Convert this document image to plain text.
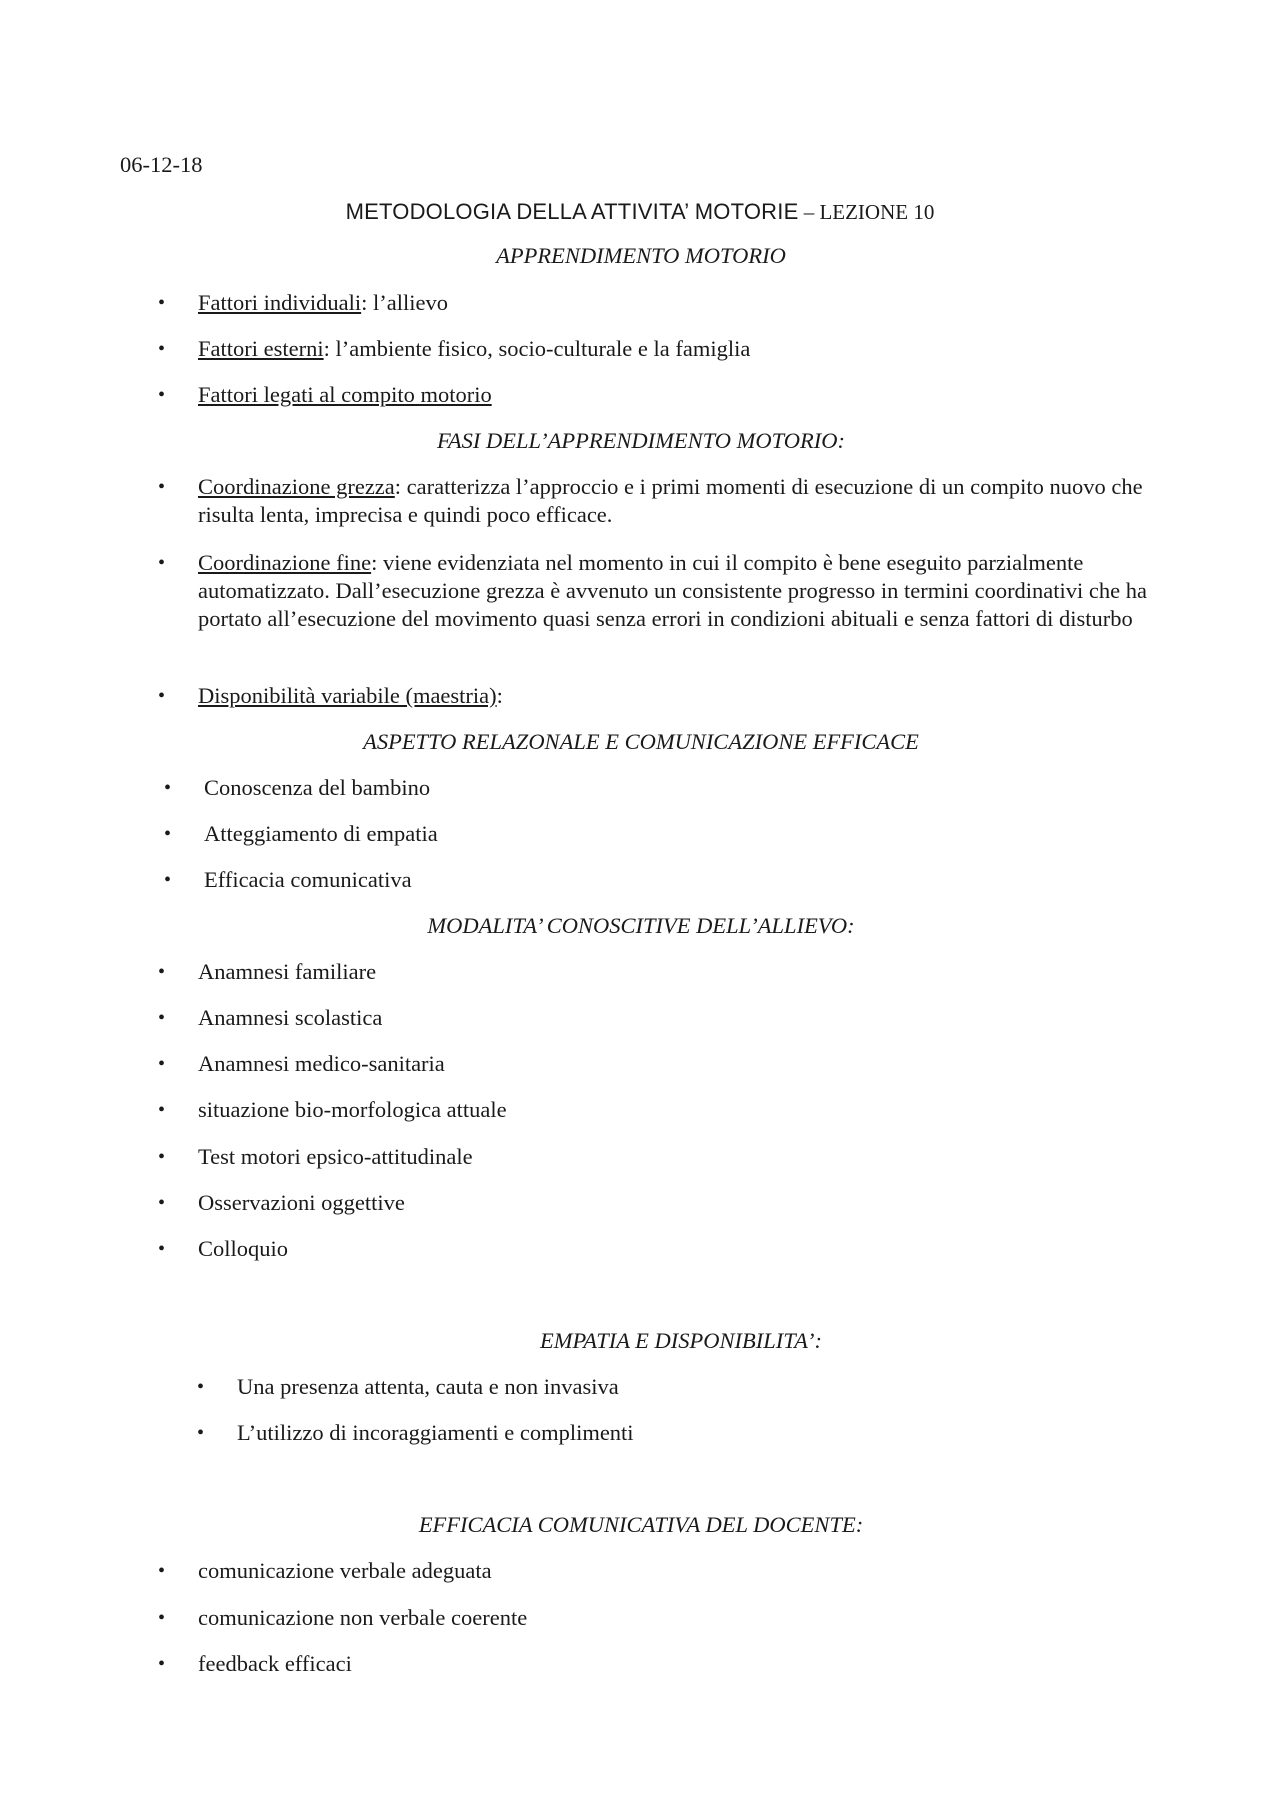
06-12-18
METODOLOGIA DELLA ATTIVITA’ MOTORIE – LEZIONE 10
APPRENDIMENTO MOTORIO
• Fattori individuali: l’allievo
• Fattori esterni: l’ambiente fisico, socio-culturale e la famiglia
• Fattori legati al compito motorio
FASI DELL’APPRENDIMENTO MOTORIO:
• Coordinazione grezza: caratterizza l’approccio e i primi momenti di esecuzione di un compito nuovo che risulta lenta, imprecisa e quindi poco efficace.
• Coordinazione fine: viene evidenziata nel momento in cui il compito è bene eseguito parzialmente automatizzato. Dall’esecuzione grezza è avvenuto un consistente progresso in termini coordinativi che ha portato all’esecuzione del movimento quasi senza errori in condizioni abituali e senza fattori di disturbo
• Disponibilità variabile (maestria):
ASPETTO RELAZONALE E COMUNICAZIONE EFFICACE
• Conoscenza del bambino
• Atteggiamento di empatia
• Efficacia comunicativa
MODALITA’ CONOSCITIVE DELL’ALLIEVO:
• Anamnesi familiare
• Anamnesi scolastica
• Anamnesi medico-sanitaria
• situazione bio-morfologica attuale
• Test motori epsico-attitudinale
• Osservazioni oggettive
• Colloquio
EMPATIA E DISPONIBILITA’:
• Una presenza attenta, cauta e non invasiva
• L’utilizzo di incoraggiamenti e complimenti
EFFICACIA COMUNICATIVA DEL DOCENTE:
• comunicazione verbale adeguata
• comunicazione non verbale coerente
• feedback efficaci
